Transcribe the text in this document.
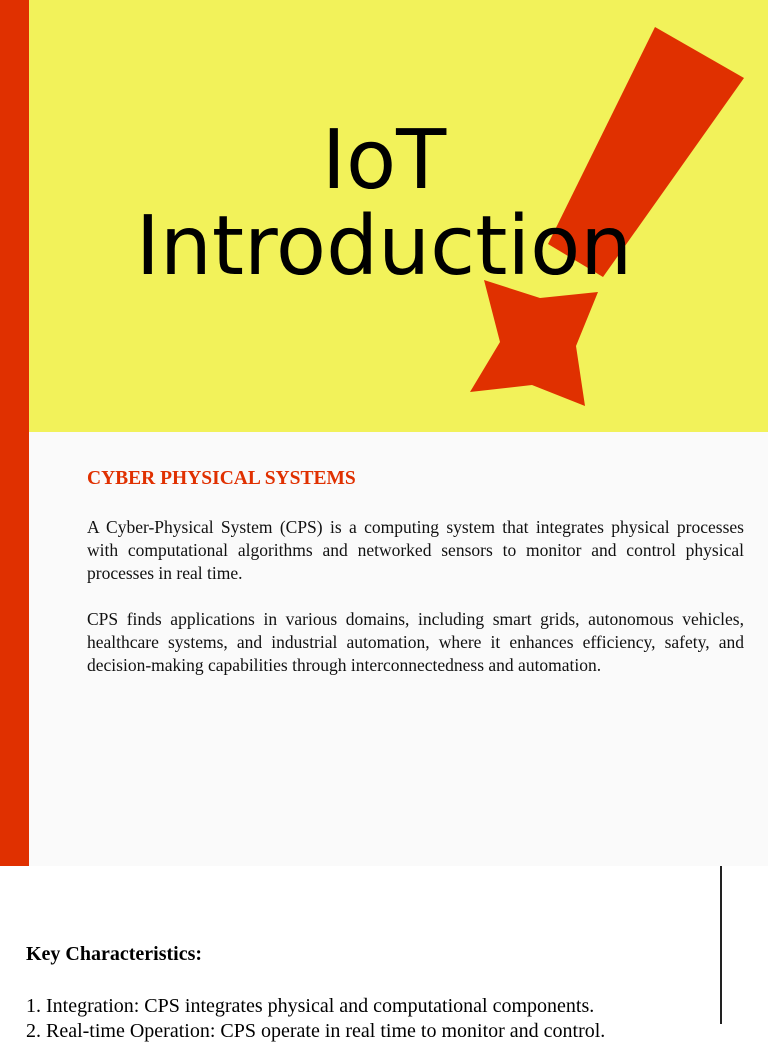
IoT
Introduction
CYBER PHYSICAL SYSTEMS

A Cyber-Physical System (CPS) is a computing system that integrates physical processes with computational algorithms and networked sensors to monitor and control physical processes in real time.

CPS finds applications in various domains, including smart grids, autonomous vehicles, healthcare systems, and industrial automation, where it enhances efficiency, safety, and decision-making capabilities through interconnectedness and automation.

Key Characteristics:

1. Integration: CPS integrates physical and computational components.

2. Real-time Operation: CPS operate in real time to monitor and control.
